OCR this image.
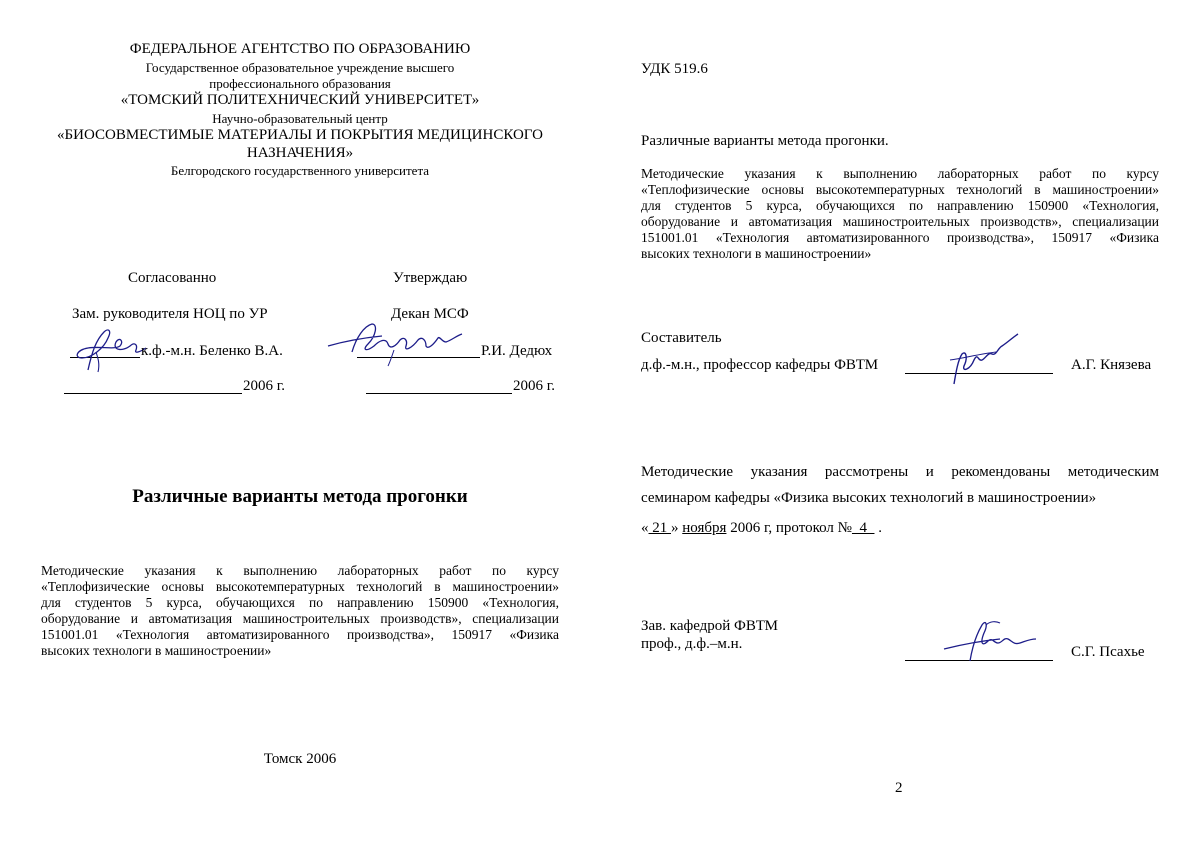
ФЕДЕРАЛЬНОЕ АГЕНТСТВО ПО ОБРАЗОВАНИЮ
Государственное образовательное учреждение высшего
профессионального образования
«ТОМСКИЙ ПОЛИТЕХНИЧЕСКИЙ УНИВЕРСИТЕТ»
Научно-образовательный центр
«БИОСОВМЕСТИМЫЕ МАТЕРИАЛЫ И ПОКРЫТИЯ МЕДИЦИНСКОГО
НАЗНАЧЕНИЯ»
Белгородского государственного университета
Согласованно	Утверждаю
Зам. руководителя НОЦ по УР	Декан МСФ
к.ф.-м.н. Беленко В.А.	Р.И. Дедюх
2006 г.	2006 г.
Различные варианты метода прогонки
Методические указания к выполнению лабораторных работ по курсу
«Теплофизические основы высокотемпературных технологий в машиностроении»
для студентов 5 курса, обучающихся по направлению 150900 «Технология,
оборудование и автоматизация машиностроительных производств», специализации
151001.01 «Технология автоматизированного производства», 150917 «Физика
высоких технологи в машиностроении»
Томск 2006
УДК 519.6
Различные варианты метода прогонки.
Методические указания к выполнению лабораторных работ по курсу
«Теплофизические основы высокотемпературных технологий в машиностроении»
для студентов 5 курса, обучающихся по направлению 150900 «Технология,
оборудование и автоматизация машиностроительных производств», специализации
151001.01 «Технология автоматизированного производства», 150917 «Физика
высоких технологи в машиностроении»
Составитель
д.ф.-м.н., профессор кафедры ФВТМ	А.Г. Князева
Методические указания рассмотрены и рекомендованы методическим
семинаром кафедры «Физика высоких технологий в машиностроении»
« 21 » ноября 2006 г, протокол №  4   .
Зав. кафедрой ФВТМ
проф., д.ф.–м.н.	С.Г. Псахье
2
